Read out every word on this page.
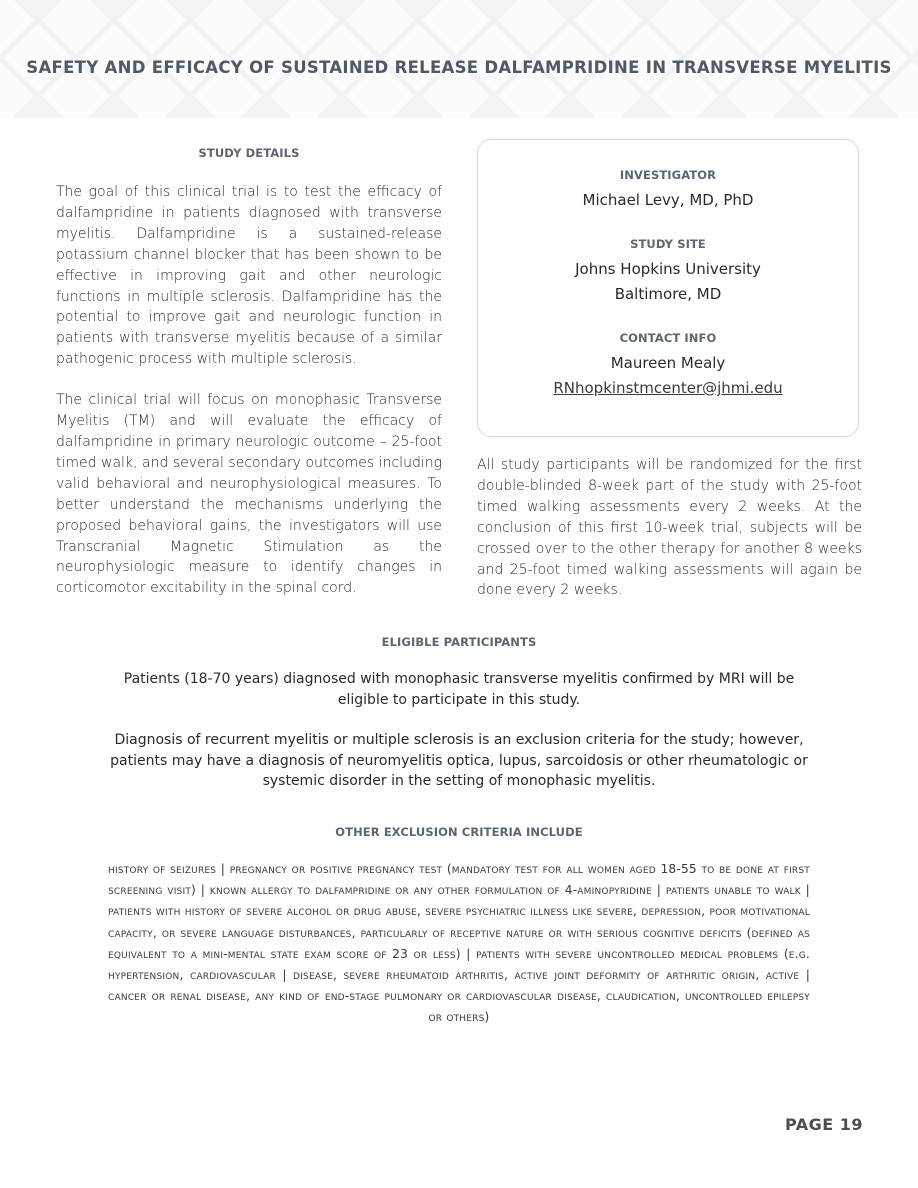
SAFETY AND EFFICACY OF SUSTAINED RELEASE DALFAMPRIDINE IN TRANSVERSE MYELITIS
STUDY DETAILS

The goal of this clinical trial is to test the efficacy of dalfampridine in patients diagnosed with transverse myelitis. Dalfampridine is a sustained-release potassium channel blocker that has been shown to be effective in improving gait and other neurologic functions in multiple sclerosis. Dalfampridine has the potential to improve gait and neurologic function in patients with transverse myelitis because of a similar pathogenic process with multiple sclerosis.

The clinical trial will focus on monophasic Transverse Myelitis (TM) and will evaluate the efficacy of dalfampridine in primary neurologic outcome – 25-foot timed walk, and several secondary outcomes including valid behavioral and neurophysiological measures. To better understand the mechanisms underlying the proposed behavioral gains, the investigators will use Transcranial Magnetic Stimulation as the neurophysiologic measure to identify changes in corticomotor excitability in the spinal cord.

INVESTIGATOR
Michael Levy, MD, PhD
STUDY SITE
Johns Hopkins University
Baltimore, MD
CONTACT INFO
Maureen Mealy
RNhopkinstmcenter@jhmi.edu

All study participants will be randomized for the first double-blinded 8-week part of the study with 25-foot timed walking assessments every 2 weeks. At the conclusion of this first 10-week trial, subjects will be crossed over to the other therapy for another 8 weeks and 25-foot timed walking assessments will again be done every 2 weeks.

ELIGIBLE PARTICIPANTS

Patients (18-70 years) diagnosed with monophasic transverse myelitis confirmed by MRI will be eligible to participate in this study.

Diagnosis of recurrent myelitis or multiple sclerosis is an exclusion criteria for the study; however, patients may have a diagnosis of neuromyelitis optica, lupus, sarcoidosis or other rheumatologic or systemic disorder in the setting of monophasic myelitis.

OTHER EXCLUSION CRITERIA INCLUDE

history of seizures | pregnancy or positive pregnancy test (mandatory test for all women aged 18-55 to be done at first screening visit) | known allergy to dalfampridine or any other formulation of 4-aminopyridine | patients unable to walk | patients with history of severe alcohol or drug abuse, severe psychiatric illness like severe, depression, poor motivational capacity, or severe language disturbances, particularly of receptive nature or with serious cognitive deficits (defined as equivalent to a mini-mental state exam score of 23 or less) | patients with severe uncontrolled medical problems (e.g. hypertension, cardiovascular | disease, severe rheumatoid arthritis, active joint deformity of arthritic origin, active | cancer or renal disease, any kind of end-stage pulmonary or cardiovascular disease, claudication, uncontrolled epilepsy or others)

PAGE 19
